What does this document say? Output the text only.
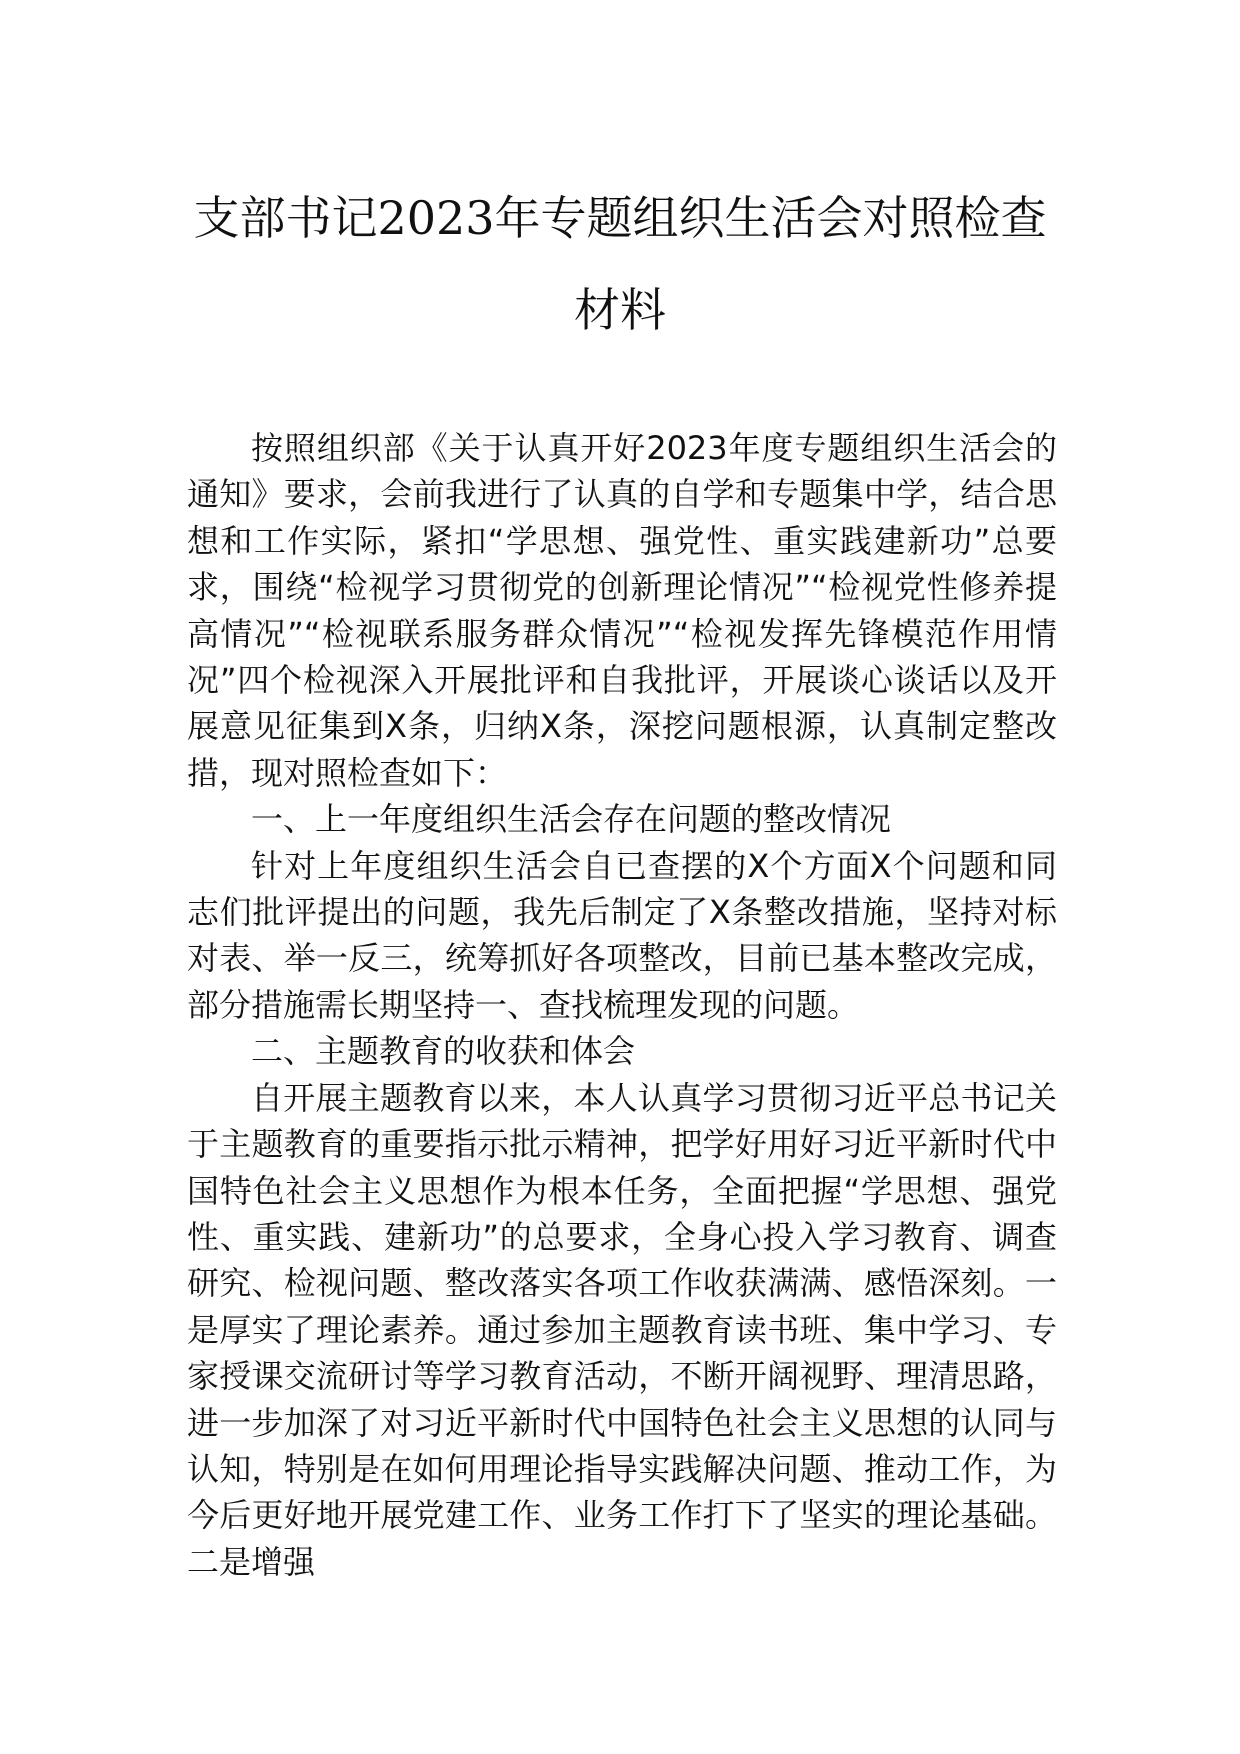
支部书记2023年专题组织生活会对照检查
材料

按照组织部《关于认真开好2023年度专题组织生活会的通知》要求，会前我进行了认真的自学和专题集中学，结合思想和工作实际，紧扣“学思想、强党性、重实践建新功”总要求，围绕“检视学习贯彻党的创新理论情况”“检视党性修养提高情况”“检视联系服务群众情况”“检视发挥先锋模范作用情况”四个检视深入开展批评和自我批评，开展谈心谈话以及开展意见征集到X条，归纳X条，深挖问题根源，认真制定整改措，现对照检查如下：

一、上一年度组织生活会存在问题的整改情况

针对上年度组织生活会自已查摆的X个方面X个问题和同志们批评提出的问题，我先后制定了X条整改措施，坚持对标对表、举一反三，统筹抓好各项整改，目前已基本整改完成，部分措施需长期坚持一、查找梳理发现的问题。

二、主题教育的收获和体会

自开展主题教育以来，本人认真学习贯彻习近平总书记关于主题教育的重要指示批示精神，把学好用好习近平新时代中国特色社会主义思想作为根本任务，全面把握“学思想、强党性、重实践、建新功”的总要求，全身心投入学习教育、调查研究、检视问题、整改落实各项工作收获满满、感悟深刻。一是厚实了理论素养。通过参加主题教育读书班、集中学习、专家授课交流研讨等学习教育活动，不断开阔视野、理清思路，进一步加深了对习近平新时代中国特色社会主义思想的认同与认知，特别是在如何用理论指导实践解决问题、推动工作，为今后更好地开展党建工作、业务工作打下了坚实的理论基础。二是增强
